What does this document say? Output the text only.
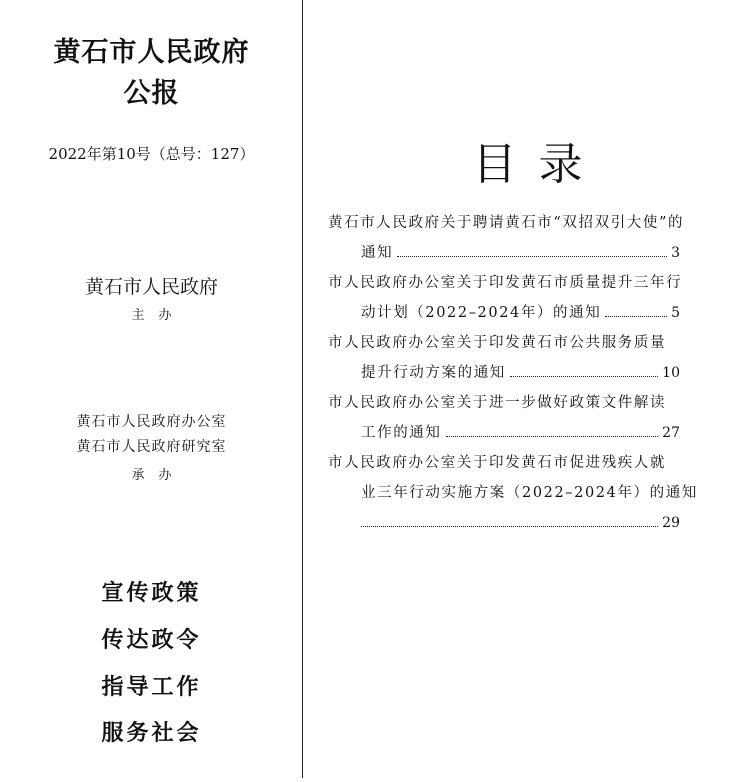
黄石市人民政府
公报
2022年第10号（总号：127）
黄石市人民政府
主办
黄石市人民政府办公室
黄石市人民政府研究室
承办
宣传政策
传达政令
指导工作
服务社会
目录
黄石市人民政府关于聘请黄石市“双招双引大使”的
通知	3
市人民政府办公室关于印发黄石市质量提升三年行
动计划（2022–2024年）的通知	5
市人民政府办公室关于印发黄石市公共服务质量
提升行动方案的通知	10
市人民政府办公室关于进一步做好政策文件解读
工作的通知	27
市人民政府办公室关于印发黄石市促进残疾人就
业三年行动实施方案（2022–2024年）的通知
29
